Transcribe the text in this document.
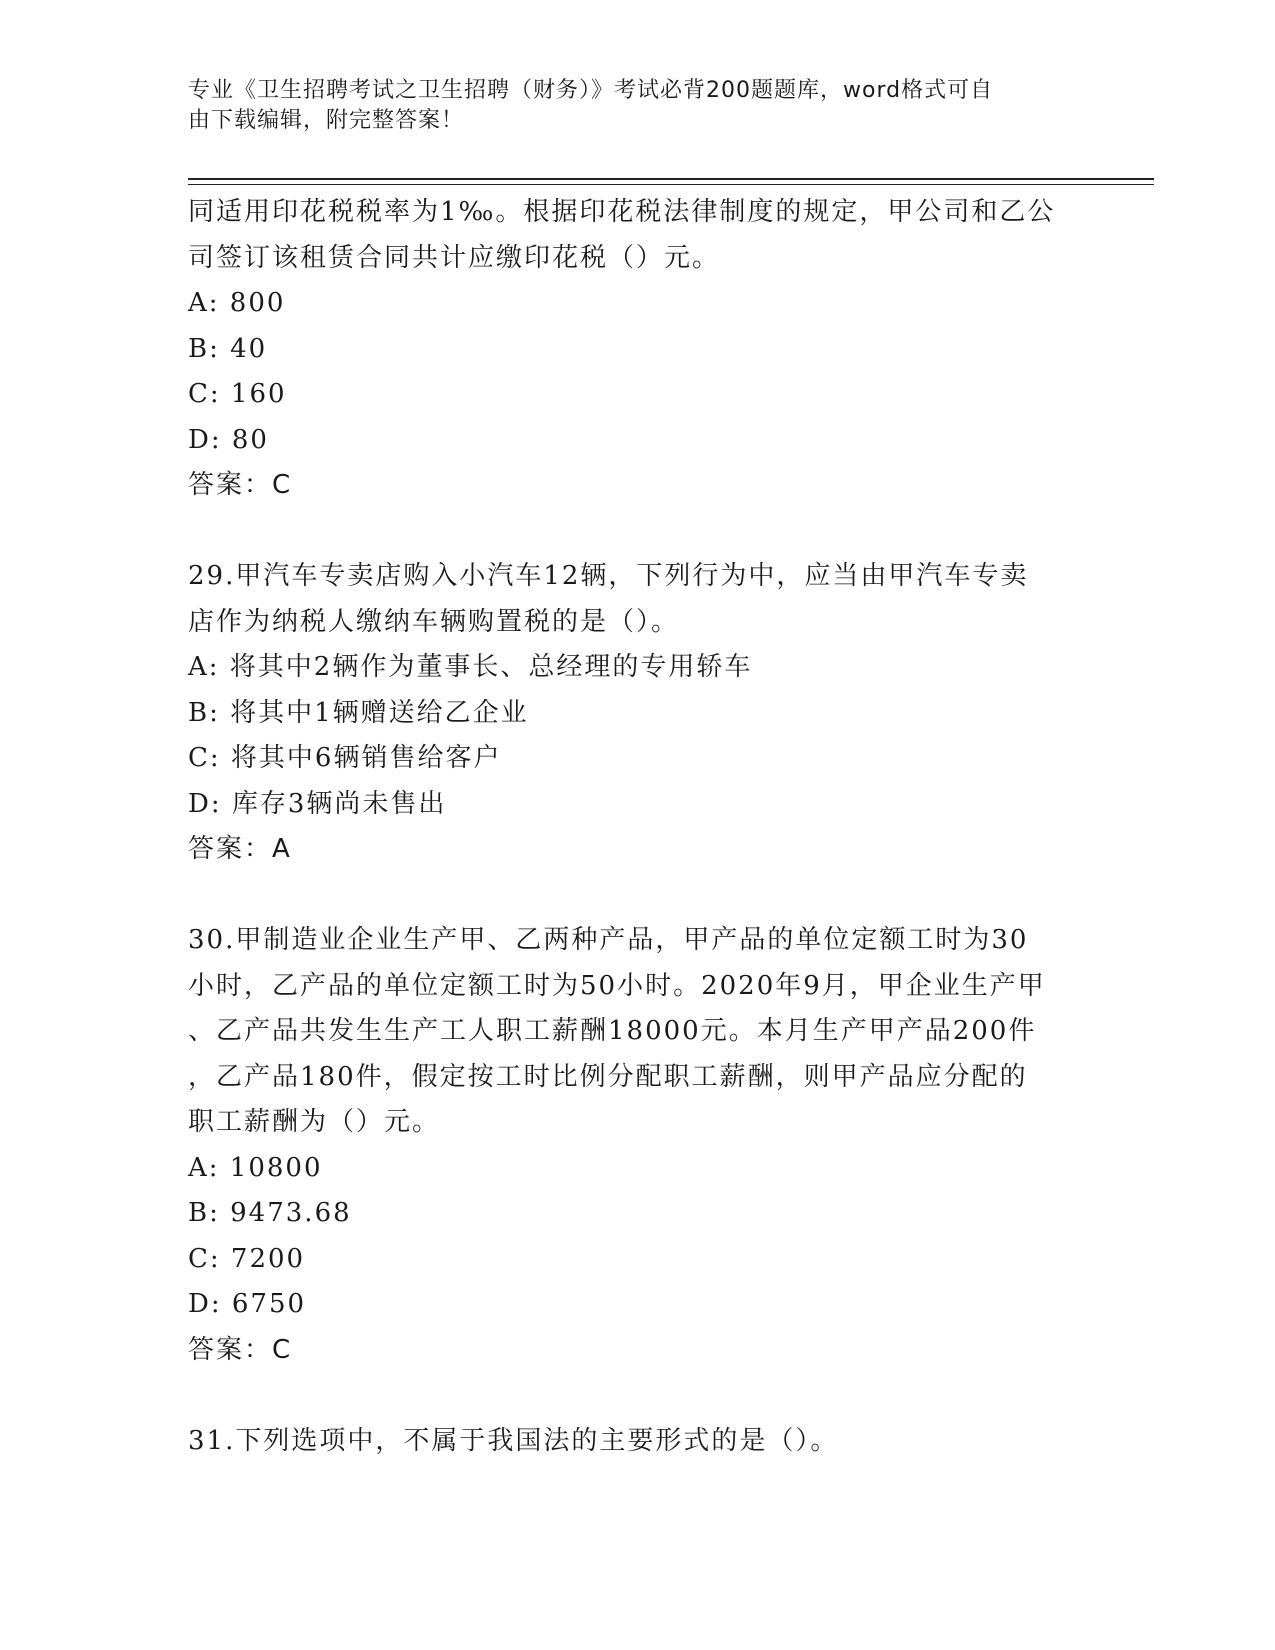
专业《卫生招聘考试之卫生招聘（财务）》考试必背200题题库，word格式可自
由下载编辑，附完整答案！
同适用印花税税率为1‰。根据印花税法律制度的规定，甲公司和乙公
司签订该租赁合同共计应缴印花税（）元。
A: 800
B: 40
C: 160
D: 80
答案：C
29.甲汽车专卖店购入小汽车12辆，下列行为中，应当由甲汽车专卖
店作为纳税人缴纳车辆购置税的是（）。
A: 将其中2辆作为董事长、总经理的专用轿车
B: 将其中1辆赠送给乙企业
C: 将其中6辆销售给客户
D: 库存3辆尚未售出
答案：A
30.甲制造业企业生产甲、乙两种产品，甲产品的单位定额工时为30
小时，乙产品的单位定额工时为50小时。2020年9月，甲企业生产甲
、乙产品共发生生产工人职工薪酬18000元。本月生产甲产品200件
，乙产品180件，假定按工时比例分配职工薪酬，则甲产品应分配的
职工薪酬为（）元。
A: 10800
B: 9473.68
C: 7200
D: 6750
答案：C
31.下列选项中，不属于我国法的主要形式的是（）。
